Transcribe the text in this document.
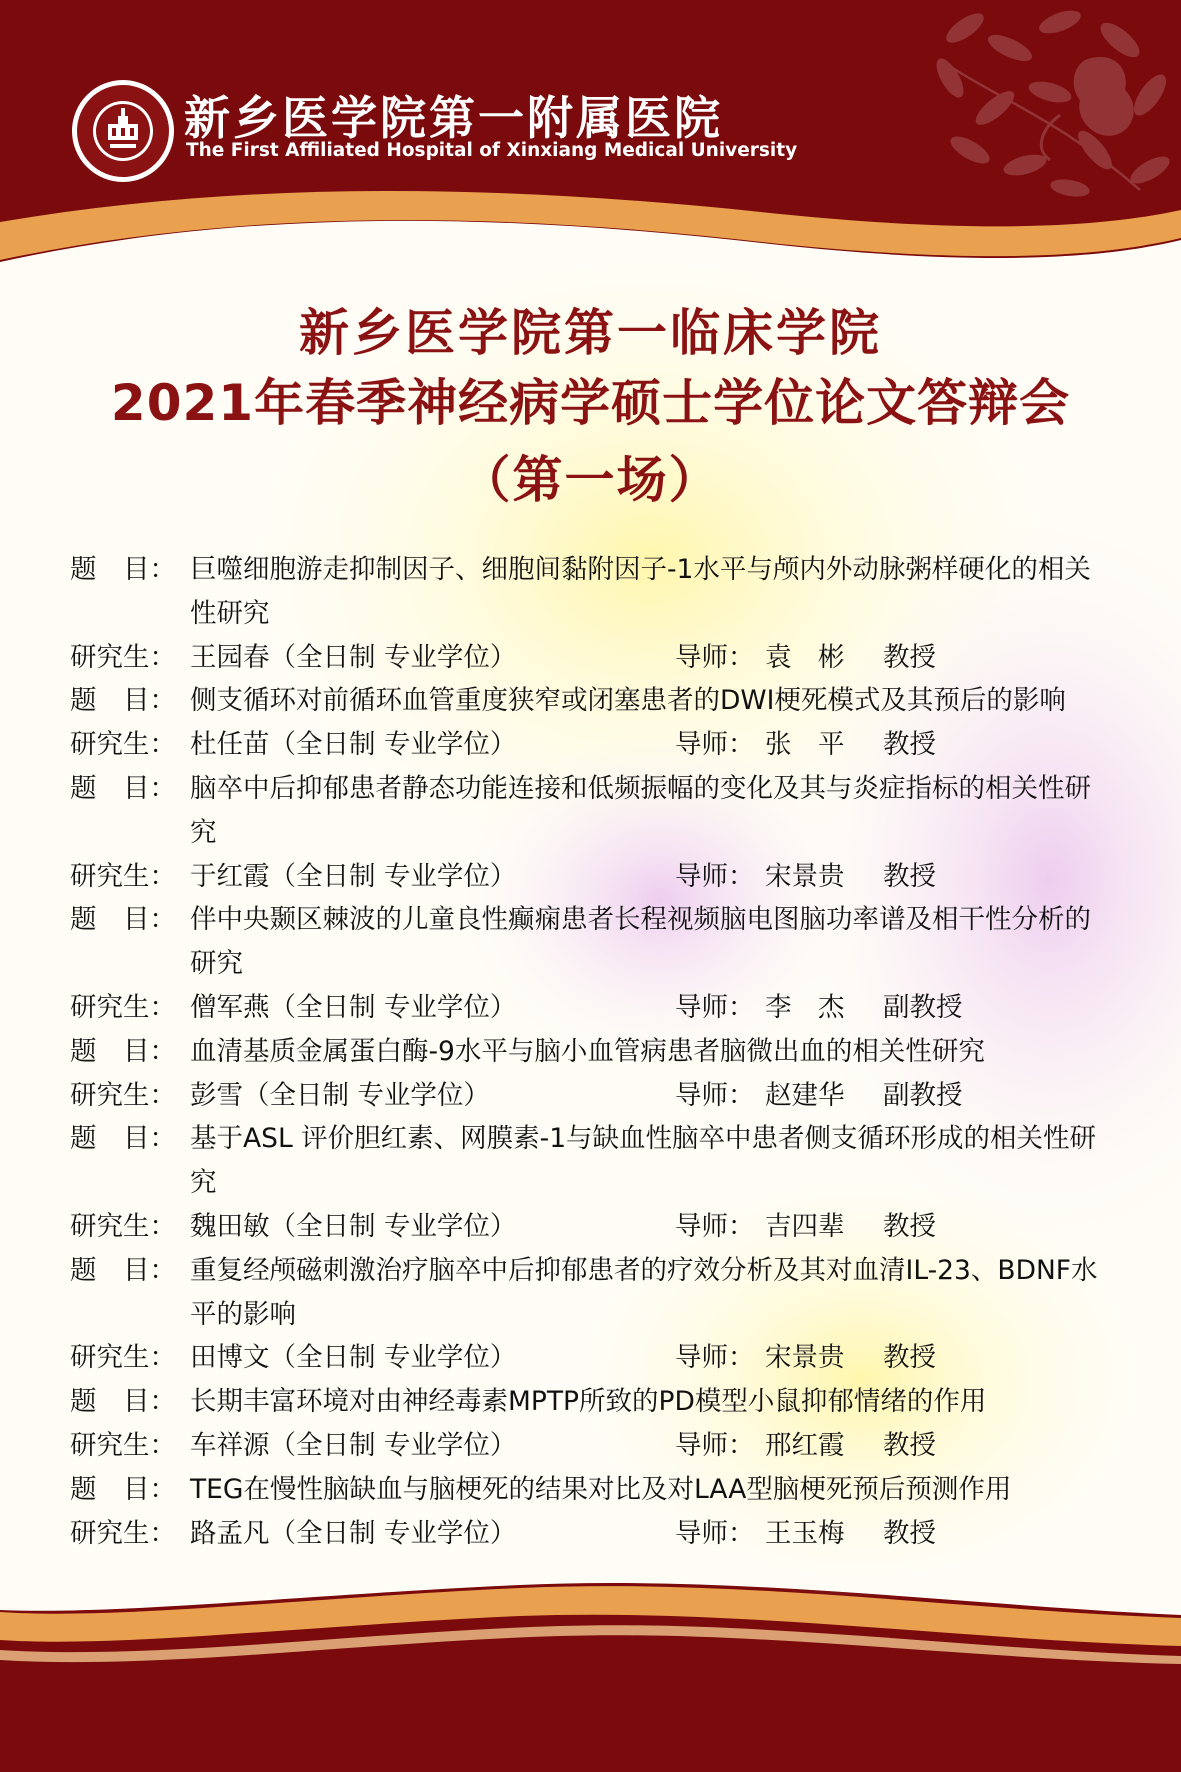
新乡医学院第一附属医院
The First Affiliated Hospital of Xinxiang Medical University
新乡医学院第一临床学院
2021年春季神经病学硕士学位论文答辩会
（第一场）
题　目： 巨噬细胞游走抑制因子、细胞间黏附因子-1水平与颅内外动脉粥样硬化的相关性研究
研究生： 王园春（全日制 专业学位）	导师： 袁　彬	教授
题　目： 侧支循环对前循环血管重度狭窄或闭塞患者的DWI梗死模式及其预后的影响
研究生： 杜任苗（全日制 专业学位）	导师： 张　平	教授
题　目： 脑卒中后抑郁患者静态功能连接和低频振幅的变化及其与炎症指标的相关性研究
研究生： 于红霞（全日制 专业学位）	导师： 宋景贵	教授
题　目： 伴中央颞区棘波的儿童良性癫痫患者长程视频脑电图脑功率谱及相干性分析的研究
研究生： 僧军燕（全日制 专业学位）	导师： 李　杰	副教授
题　目： 血清基质金属蛋白酶-9水平与脑小血管病患者脑微出血的相关性研究
研究生： 彭雪（全日制 专业学位）	导师： 赵建华	副教授
题　目： 基于ASL 评价胆红素、网膜素-1与缺血性脑卒中患者侧支循环形成的相关性研究
研究生： 魏田敏（全日制 专业学位）	导师： 吉四辈	教授
题　目： 重复经颅磁刺激治疗脑卒中后抑郁患者的疗效分析及其对血清IL-23、BDNF水平的影响
研究生： 田博文（全日制 专业学位）	导师： 宋景贵	教授
题　目： 长期丰富环境对由神经毒素MPTP所致的PD模型小鼠抑郁情绪的作用
研究生： 车祥源（全日制 专业学位）	导师： 邢红霞	教授
题　目： TEG在慢性脑缺血与脑梗死的结果对比及对LAA型脑梗死预后预测作用
研究生： 路孟凡（全日制 专业学位）	导师： 王玉梅	教授
